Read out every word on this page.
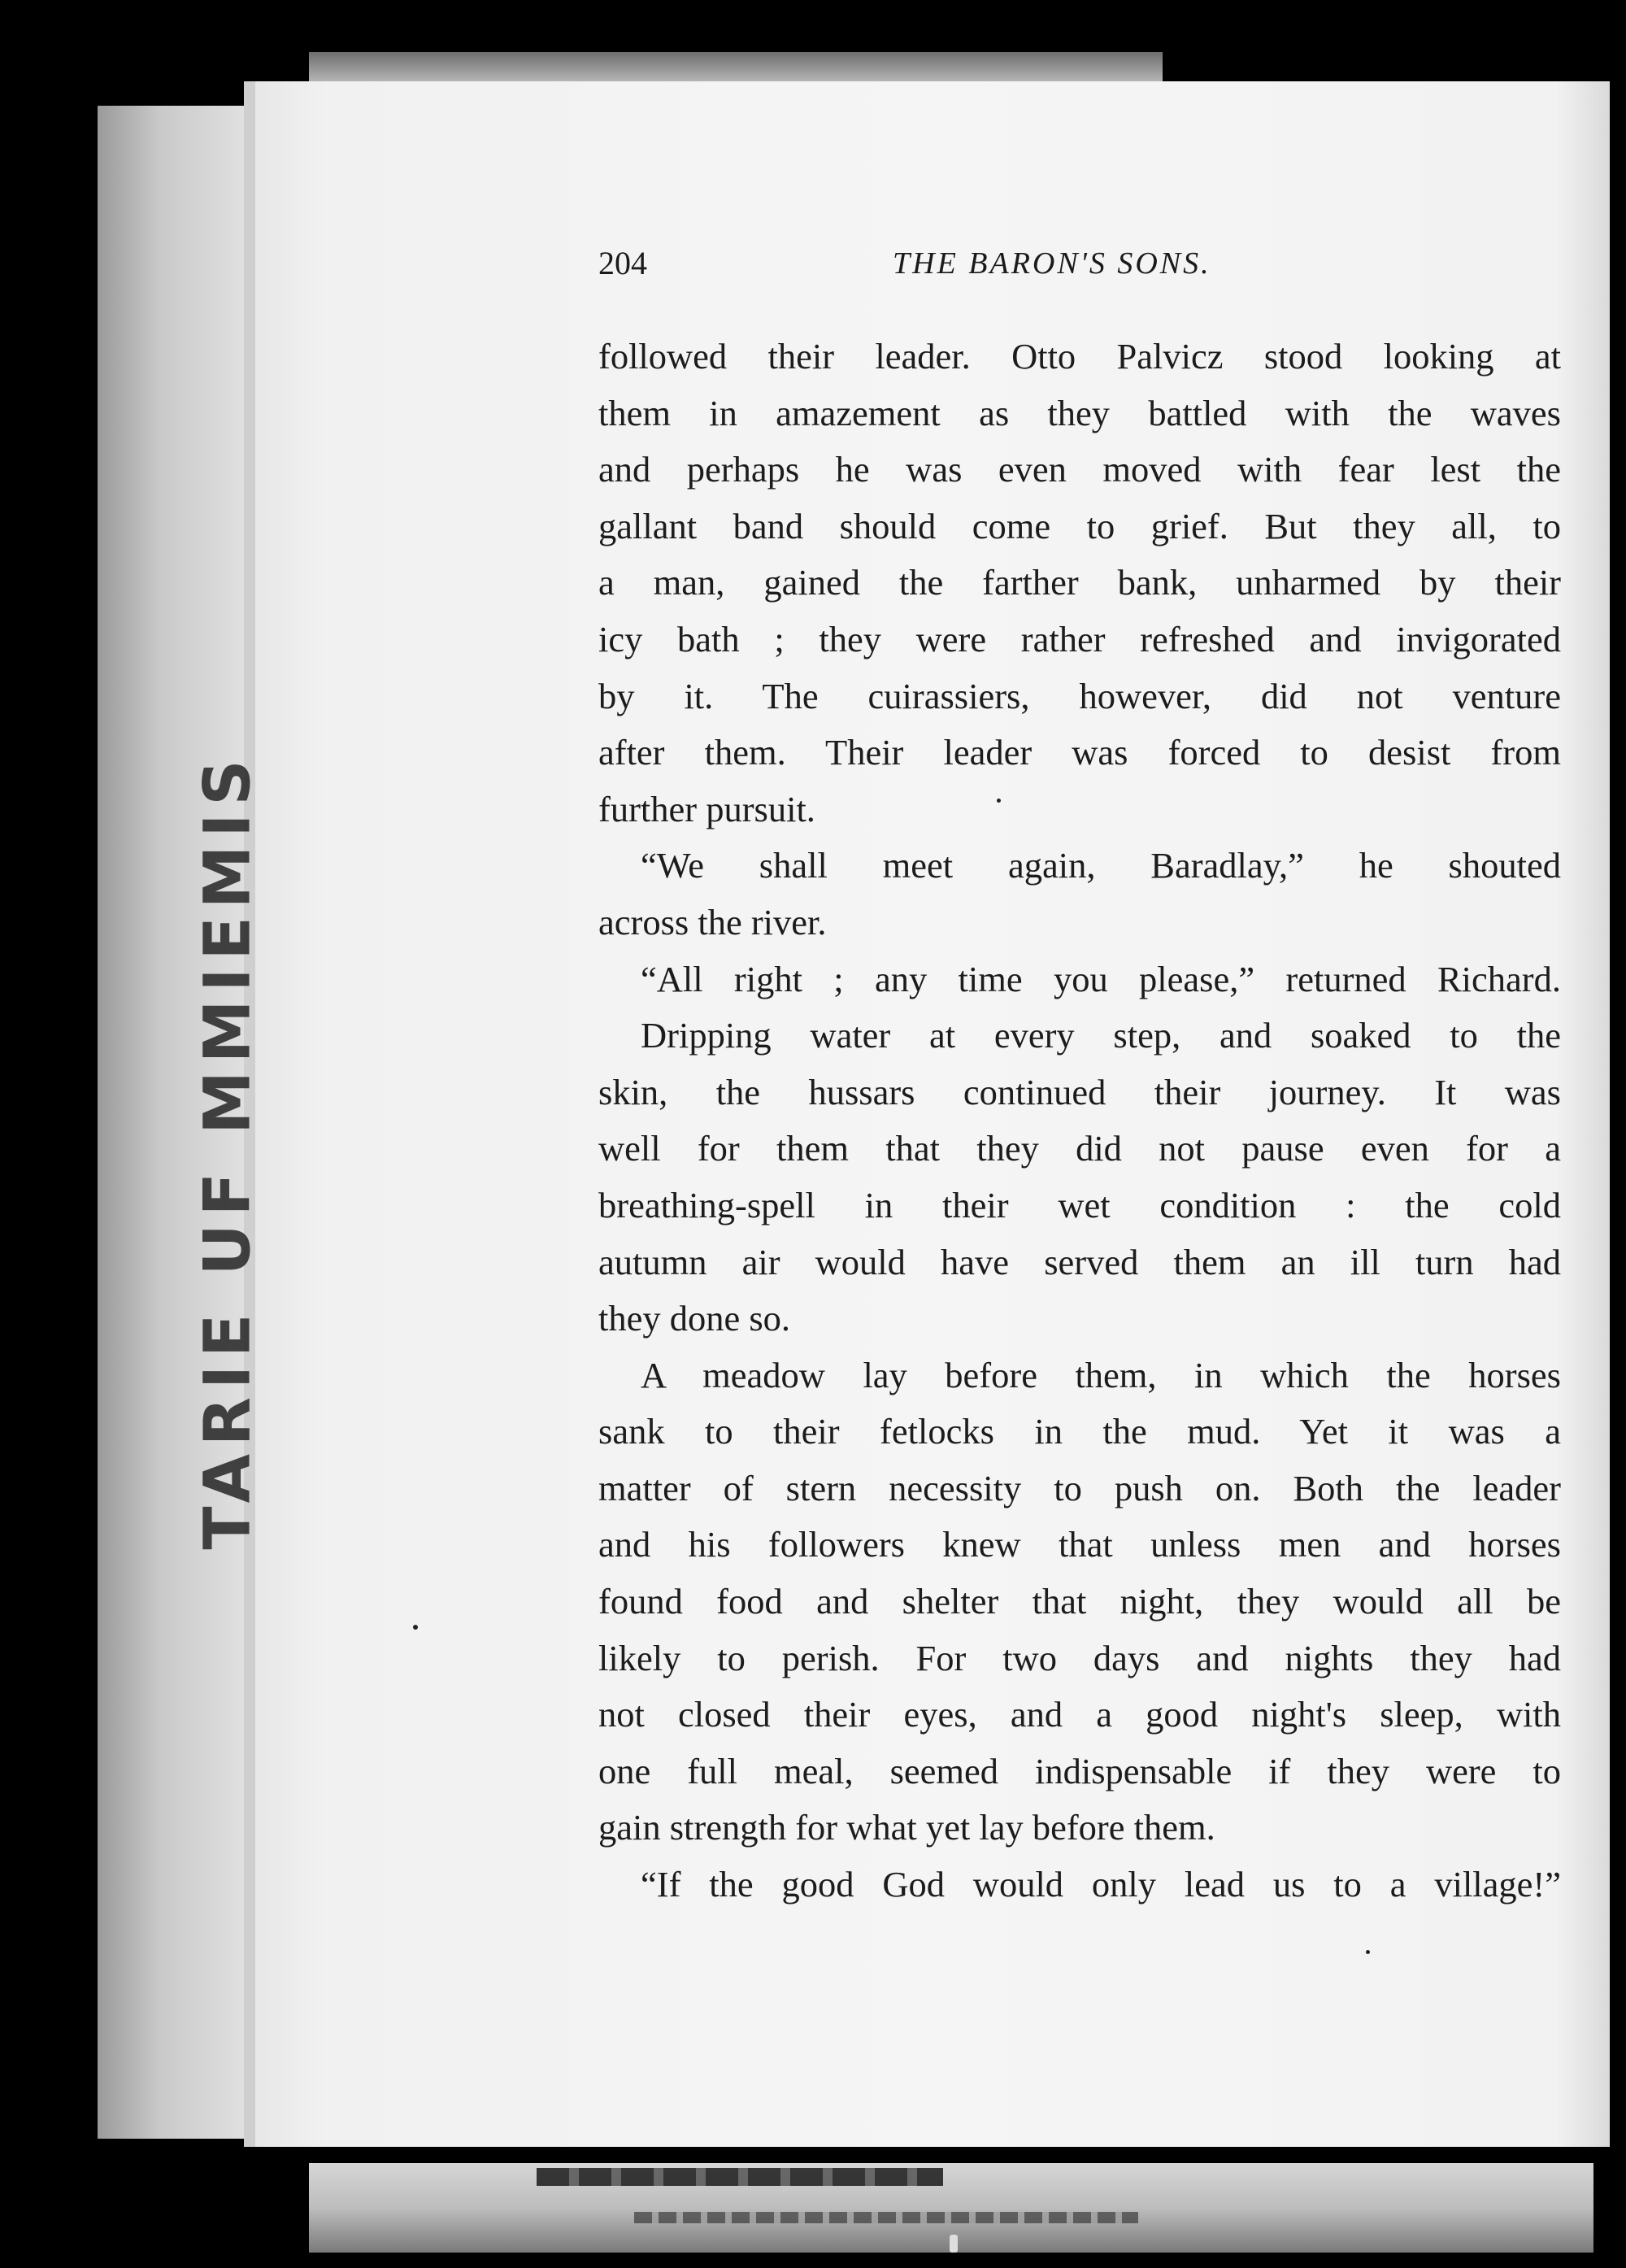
TARIE UF MMIEMIS
204	THE BARON'S SONS.

followed their leader. Otto Palvicz stood looking at

them in amazement as they battled with the waves

and perhaps he was even moved with fear lest the

gallant band should come to grief. But they all, to

a man, gained the farther bank, unharmed by their

icy bath ; they were rather refreshed and invigorated

by it. The cuirassiers, however, did not venture

after them. Their leader was forced to desist from

further pursuit.

“We shall meet again, Baradlay,” he shouted

across the river.

“All right ; any time you please,” returned Richard.

Dripping water at every step, and soaked to the

skin, the hussars continued their journey. It was

well for them that they did not pause even for a

breathing-spell in their wet condition : the cold

autumn air would have served them an ill turn had

they done so.

A meadow lay before them, in which the horses

sank to their fetlocks in the mud. Yet it was a

matter of stern necessity to push on. Both the leader

and his followers knew that unless men and horses

found food and shelter that night, they would all be

likely to perish. For two days and nights they had

not closed their eyes, and a good night's sleep, with

one full meal, seemed indispensable if they were to

gain strength for what yet lay before them.

“If the good God would only lead us to a village!”
